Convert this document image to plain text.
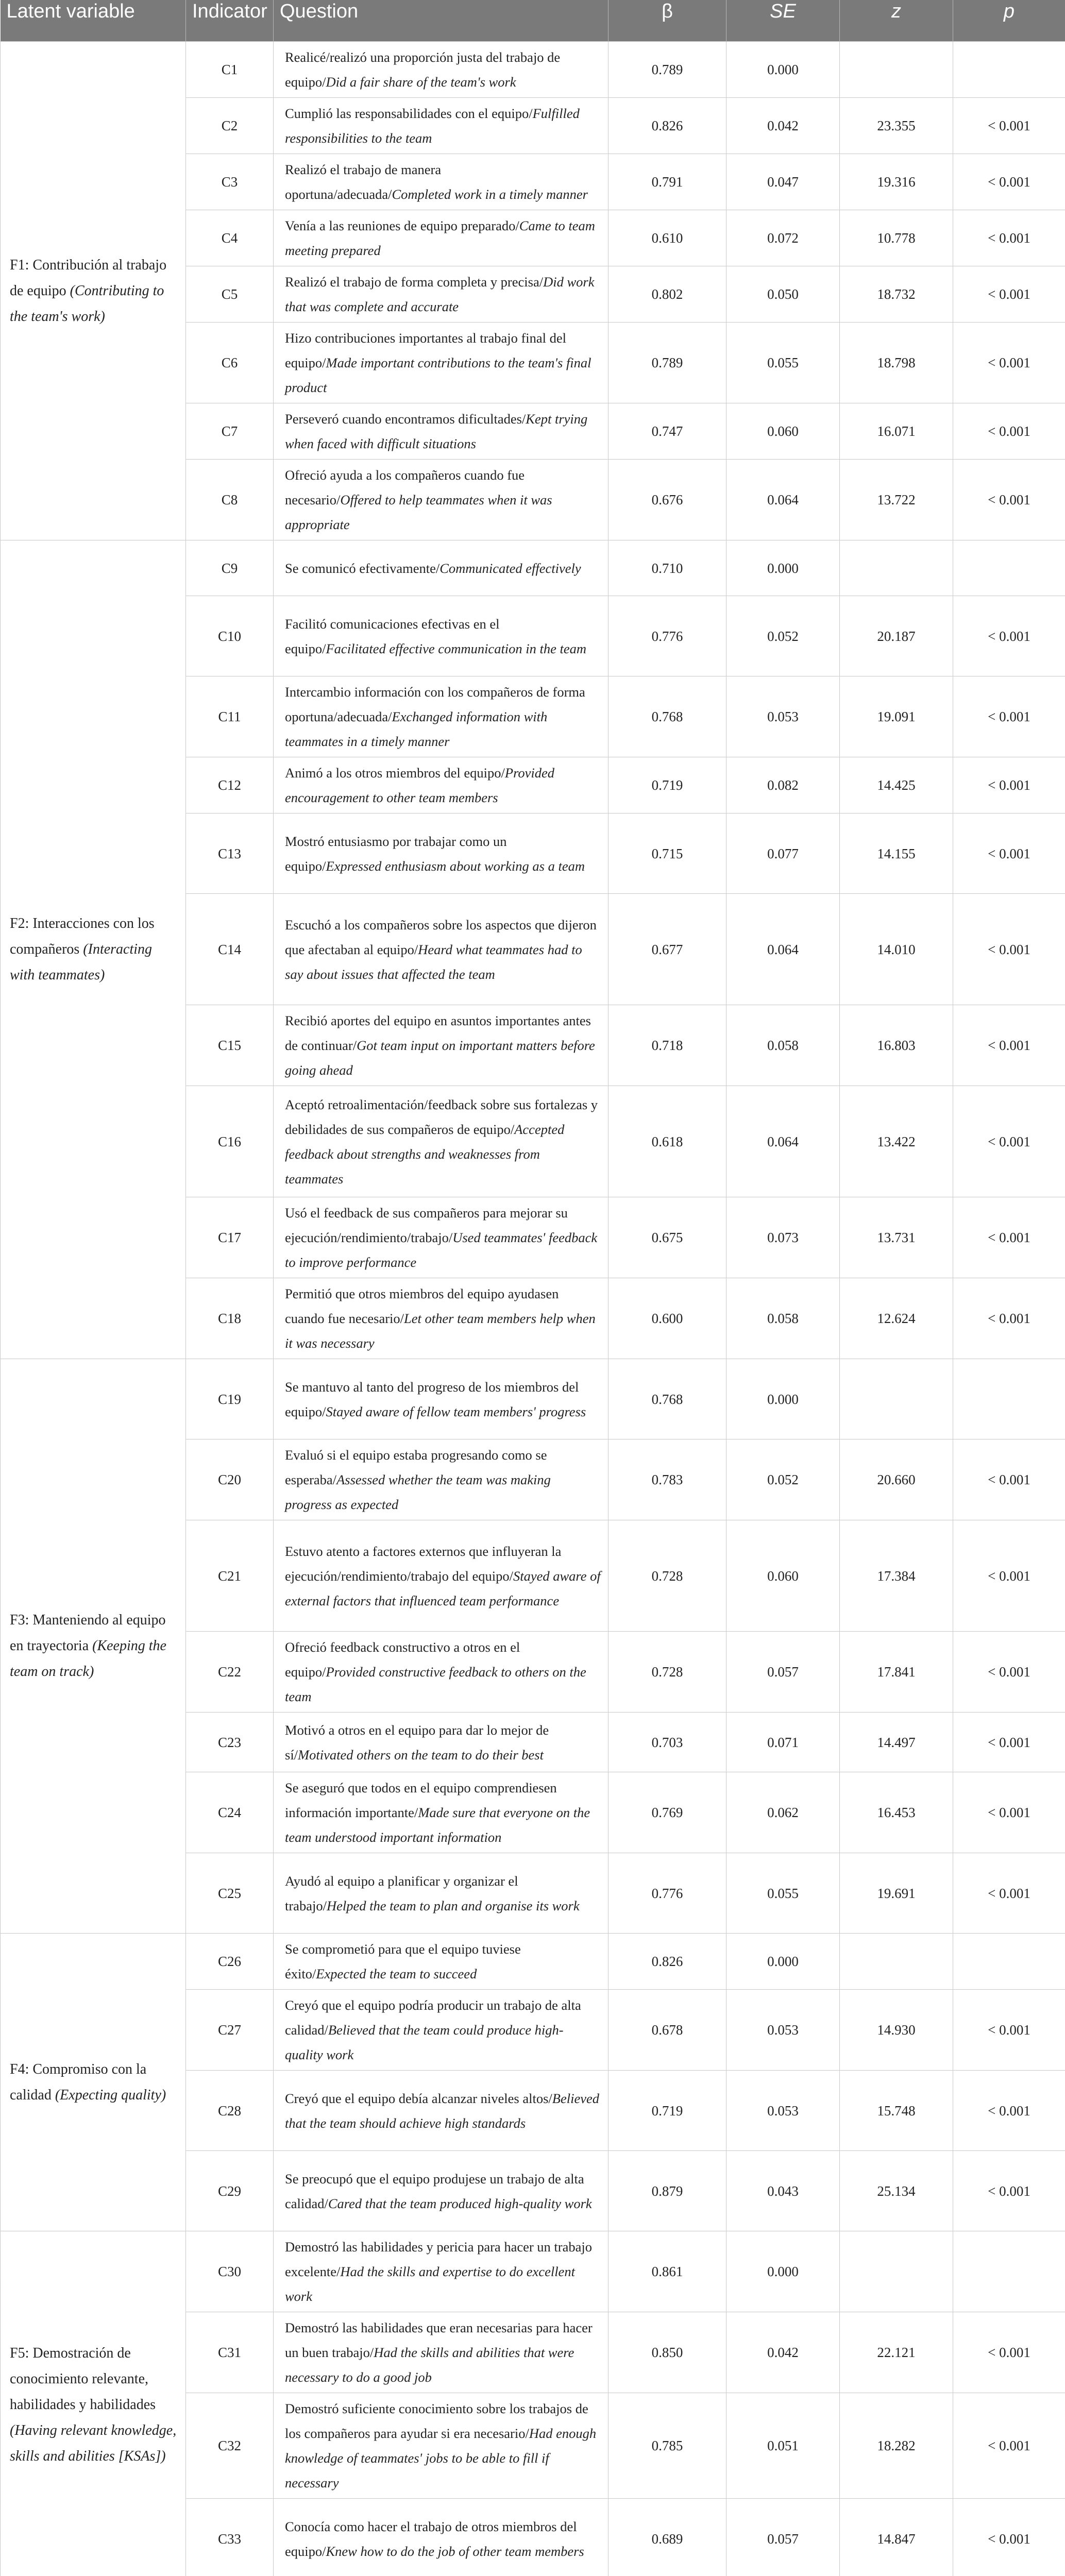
Latent variable	Indicator	Question	β	SE	z	p
F1: Contribución al trabajo de equipo (Contributing to the team's work)	C1	Realicé/realizó una proporción justa del trabajo de equipo/Did a fair share of the team's work	0.789	0.000		
	C2	Cumplió las responsabilidades con el equipo/Fulfilled responsibilities to the team	0.826	0.042	23.355	< 0.001
	C3	Realizó el trabajo de manera oportuna/adecuada/Completed work in a timely manner	0.791	0.047	19.316	< 0.001
	C4	Venía a las reuniones de equipo preparado/Came to team meeting prepared	0.610	0.072	10.778	< 0.001
	C5	Realizó el trabajo de forma completa y precisa/Did work that was complete and accurate	0.802	0.050	18.732	< 0.001
	C6	Hizo contribuciones importantes al trabajo final del equipo/Made important contributions to the team's final product	0.789	0.055	18.798	< 0.001
	C7	Perseveró cuando encontramos dificultades/Kept trying when faced with difficult situations	0.747	0.060	16.071	< 0.001
	C8	Ofreció ayuda a los compañeros cuando fue necesario/Offered to help teammates when it was appropriate	0.676	0.064	13.722	< 0.001
F2: Interacciones con los compañeros (Interacting with teammates)	C9	Se comunicó efectivamente/Communicated effectively	0.710	0.000		
	C10	Facilitó comunicaciones efectivas en el equipo/Facilitated effective communication in the team	0.776	0.052	20.187	< 0.001
	C11	Intercambio información con los compañeros de forma oportuna/adecuada/Exchanged information with teammates in a timely manner	0.768	0.053	19.091	< 0.001
	C12	Animó a los otros miembros del equipo/Provided encouragement to other team members	0.719	0.082	14.425	< 0.001
	C13	Mostró entusiasmo por trabajar como un equipo/Expressed enthusiasm about working as a team	0.715	0.077	14.155	< 0.001
	C14	Escuchó a los compañeros sobre los aspectos que dijeron que afectaban al equipo/Heard what teammates had to say about issues that affected the team	0.677	0.064	14.010	< 0.001
	C15	Recibió aportes del equipo en asuntos importantes antes de continuar/Got team input on important matters before going ahead	0.718	0.058	16.803	< 0.001
	C16	Aceptó retroalimentación/feedback sobre sus fortalezas y debilidades de sus compañeros de equipo/Accepted feedback about strengths and weaknesses from teammates	0.618	0.064	13.422	< 0.001
	C17	Usó el feedback de sus compañeros para mejorar su ejecución/rendimiento/trabajo/Used teammates' feedback to improve performance	0.675	0.073	13.731	< 0.001
	C18	Permitió que otros miembros del equipo ayudasen cuando fue necesario/Let other team members help when it was necessary	0.600	0.058	12.624	< 0.001
F3: Manteniendo al equipo en trayectoria (Keeping the team on track)	C19	Se mantuvo al tanto del progreso de los miembros del equipo/Stayed aware of fellow team members' progress	0.768	0.000		
	C20	Evaluó si el equipo estaba progresando como se esperaba/Assessed whether the team was making progress as expected	0.783	0.052	20.660	< 0.001
	C21	Estuvo atento a factores externos que influyeran la ejecución/rendimiento/trabajo del equipo/Stayed aware of external factors that influenced team performance	0.728	0.060	17.384	< 0.001
	C22	Ofreció feedback constructivo a otros en el equipo/Provided constructive feedback to others on the team	0.728	0.057	17.841	< 0.001
	C23	Motivó a otros en el equipo para dar lo mejor de sí/Motivated others on the team to do their best	0.703	0.071	14.497	< 0.001
	C24	Se aseguró que todos en el equipo comprendiesen información importante/Made sure that everyone on the team understood important information	0.769	0.062	16.453	< 0.001
	C25	Ayudó al equipo a planificar y organizar el trabajo/Helped the team to plan and organise its work	0.776	0.055	19.691	< 0.001
F4: Compromiso con la calidad (Expecting quality)	C26	Se comprometió para que el equipo tuviese éxito/Expected the team to succeed	0.826	0.000		
	C27	Creyó que el equipo podría producir un trabajo de alta calidad/Believed that the team could produce high-quality work	0.678	0.053	14.930	< 0.001
	C28	Creyó que el equipo debía alcanzar niveles altos/Believed that the team should achieve high standards	0.719	0.053	15.748	< 0.001
	C29	Se preocupó que el equipo produjese un trabajo de alta calidad/Cared that the team produced high-quality work	0.879	0.043	25.134	< 0.001
F5: Demostración de conocimiento relevante, habilidades y habilidades (Having relevant knowledge, skills and abilities [KSAs])	C30	Demostró las habilidades y pericia para hacer un trabajo excelente/Had the skills and expertise to do excellent work	0.861	0.000		
	C31	Demostró las habilidades que eran necesarias para hacer un buen trabajo/Had the skills and abilities that were necessary to do a good job	0.850	0.042	22.121	< 0.001
	C32	Demostró suficiente conocimiento sobre los trabajos de los compañeros para ayudar si era necesario/Had enough knowledge of teammates' jobs to be able to fill if necessary	0.785	0.051	18.282	< 0.001
	C33	Conocía como hacer el trabajo de otros miembros del equipo/Knew how to do the job of other team members	0.689	0.057	14.847	< 0.001
